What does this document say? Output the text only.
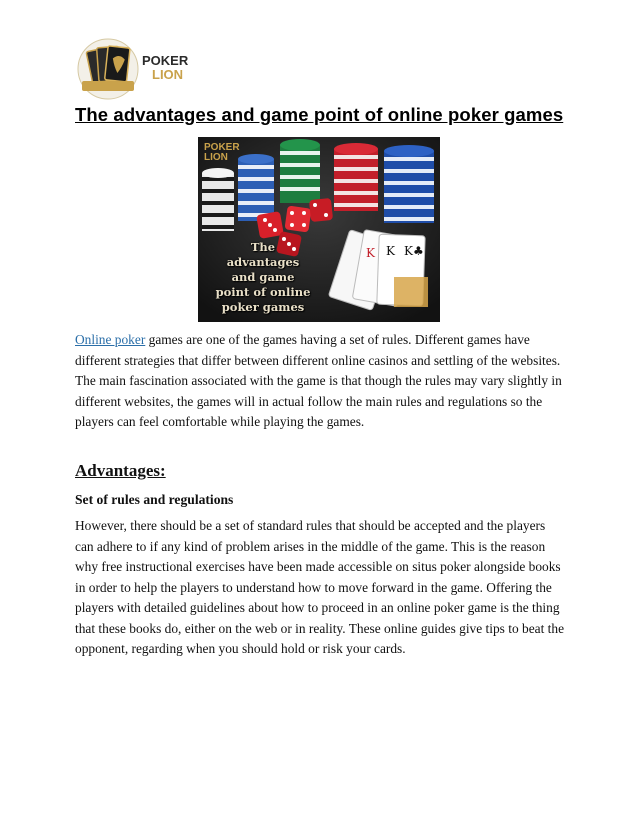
POKER
LION
The advantages and game point of online poker games
K K K♣
POKER
LION
The
advantages
and game
point of online
poker games

Online poker games are one of the games having a set of rules. Different games have different strategies that differ between different online casinos and settling of the websites. The main fascination associated with the game is that though the rules may vary slightly in different websites, the games will in actual follow the main rules and regulations so the players can feel comfortable while playing the games.

Advantages:
Set of rules and regulations

However, there should be a set of standard rules that should be accepted and the players can adhere to if any kind of problem arises in the middle of the game. This is the reason why free instructional exercises have been made accessible on situs poker alongside books in order to help the players to understand how to move forward in the game. Offering the players with detailed guidelines about how to proceed in an online poker game is the thing that these books do, either on the web or in reality. These online guides give tips to beat the opponent, regarding when you should hold or risk your cards.
